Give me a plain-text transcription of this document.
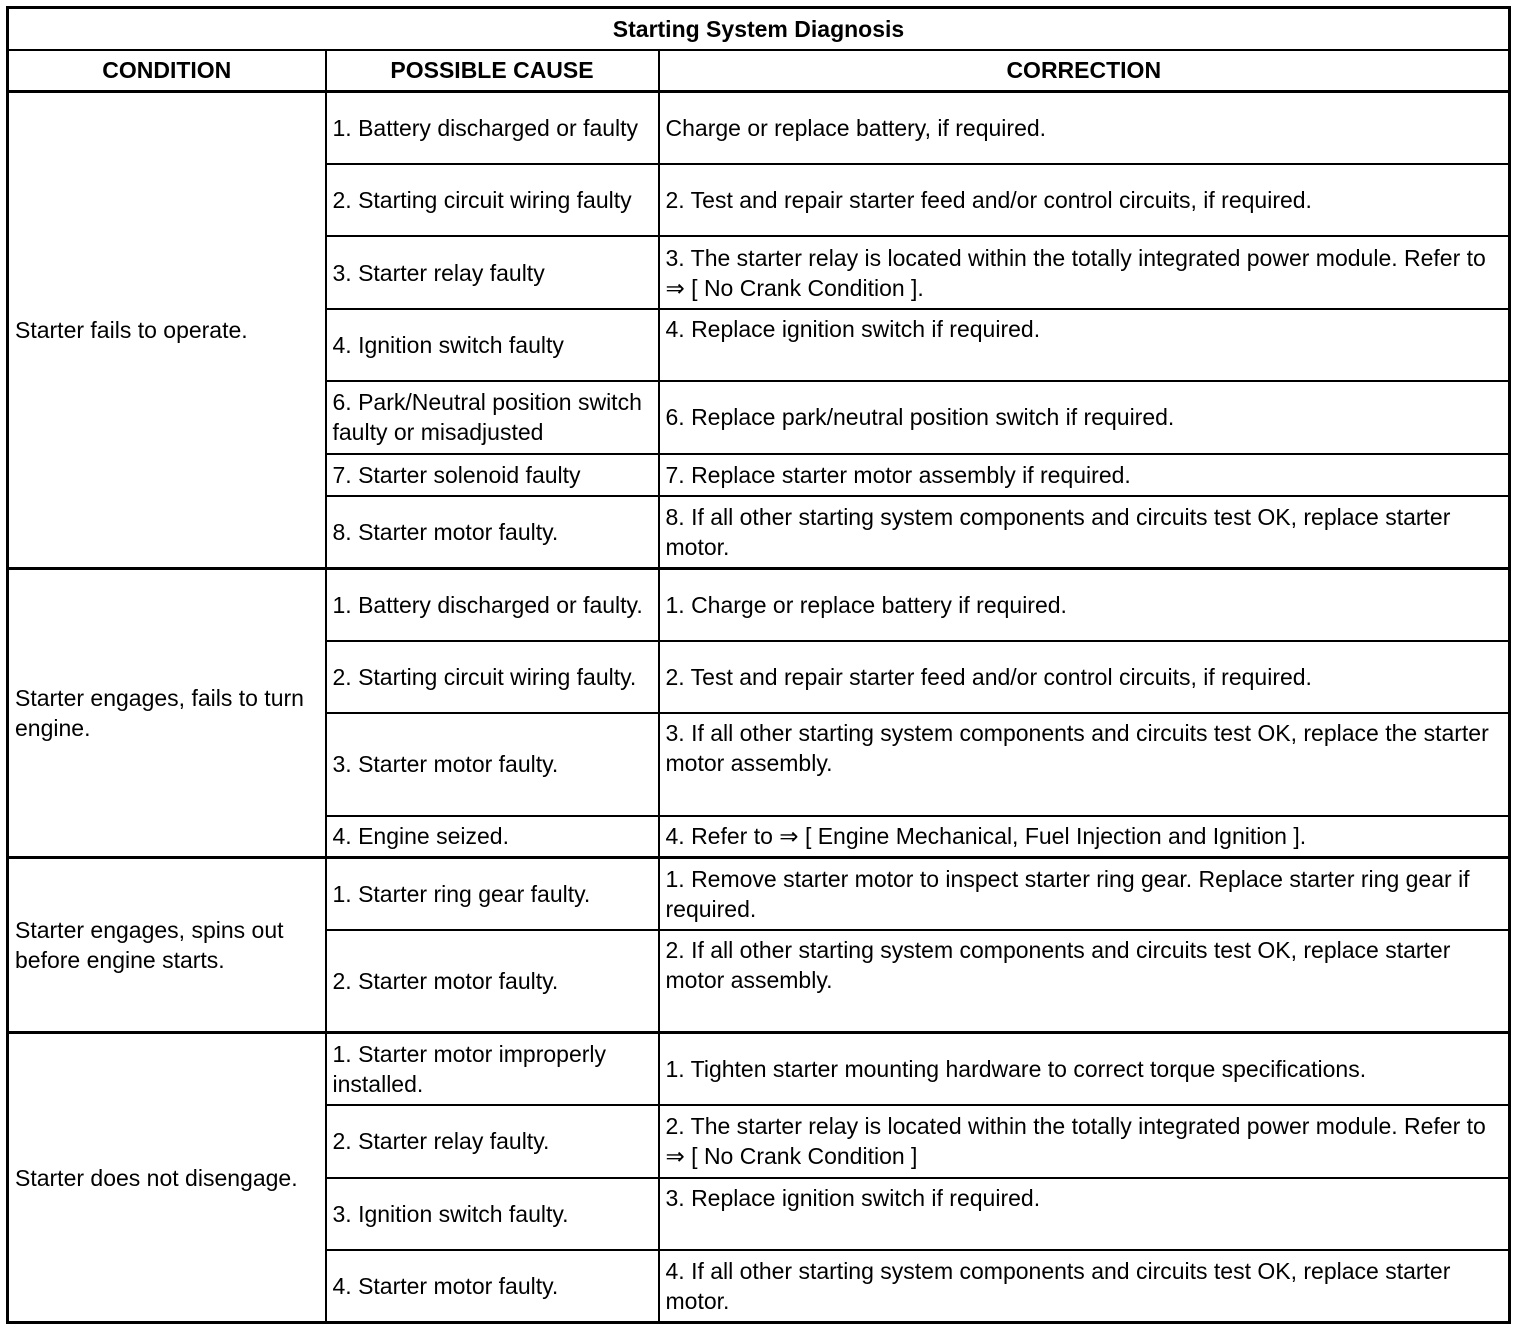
Starting System Diagnosis		
CONDITION	POSSIBLE CAUSE	CORRECTION
Starter fails to operate.	1. Battery discharged or faulty	Charge or replace battery, if required.
	2. Starting circuit wiring faulty	2. Test and repair starter feed and/or control circuits, if required.
	3. Starter relay faulty	3. The starter relay is located within the totally integrated power module. Refer to ⇒ [ No Crank Condition ].
	4. Ignition switch faulty	4. Replace ignition switch if required.
	6. Park/Neutral position switch faulty or misadjusted	6. Replace park/neutral position switch if required.
	7. Starter solenoid faulty	7. Replace starter motor assembly if required.
	8. Starter motor faulty.	8. If all other starting system components and circuits test OK, replace starter motor.
Starter engages, fails to turn engine.	1. Battery discharged or faulty.	1. Charge or replace battery if required.
	2. Starting circuit wiring faulty.	2. Test and repair starter feed and/or control circuits, if required.
	3. Starter motor faulty.	3. If all other starting system components and circuits test OK, replace the starter motor assembly.
	4. Engine seized.	4. Refer to ⇒ [ Engine Mechanical, Fuel Injection and Ignition ].
Starter engages, spins out before engine starts.	1. Starter ring gear faulty.	1. Remove starter motor to inspect starter ring gear. Replace starter ring gear if required.
	2. Starter motor faulty.	2. If all other starting system components and circuits test OK, replace starter motor assembly.
Starter does not disengage.	1. Starter motor improperly installed.	1. Tighten starter mounting hardware to correct torque specifications.
	2. Starter relay faulty.	2. The starter relay is located within the totally integrated power module. Refer to ⇒ [ No Crank Condition ]
	3. Ignition switch faulty.	3. Replace ignition switch if required.
	4. Starter motor faulty.	4. If all other starting system components and circuits test OK, replace starter motor.
